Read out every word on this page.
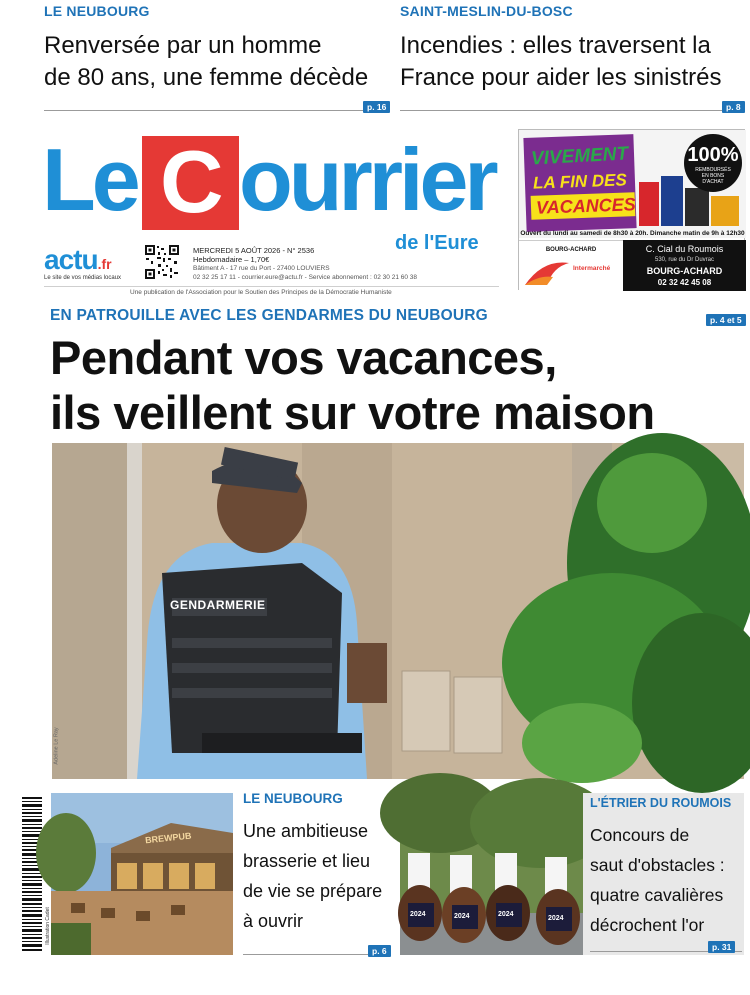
LE NEUBOURG
Renversée par un homme
de 80 ans, une femme décède
p. 16
SAINT-MESLIN-DU-BOSC
Incendies : elles traversent la
France pour aider les sinistrés
p. 8
Le C ourrier
de l'Eure
actu.fr
Le site de vos médias locaux
MERCREDI 5 AOÛT 2026 - N° 2536
Hebdomadaire – 1,70€
Bâtiment A - 17 rue du Port - 27400 LOUVIERS
02 32 25 17 11 - courrier.eure@actu.fr - Service abonnement : 02 30 21 60 38
Une publication de l'Association pour le Soutien des Principes de la Démocratie Humaniste
VIVEMENT
LA FIN DES
VACANCES
100%
REMBOURSÉS EN BONS D'ACHAT
Ouvert du lundi au samedi de 8h30 à 20h. Dimanche matin de 9h à 12h30
BOURG-ACHARD
Intermarché
C. Cial du Roumois
530, rue du Dr Duvrac
BOURG-ACHARD
02 32 42 45 08
EN PATROUILLE AVEC LES GENDARMES DU NEUBOURG	p. 4 et 5
Pendant vos vacances,
ils veillent sur votre maison
GENDARMERIE
Adeline Le Ray
BREWPUB
Illustration Cadet
LE NEUBOURG
Une ambitieuse
brasserie et lieu
de vie se prépare
à ouvrir
p. 6
2024	2024	2024
2024
L'ÉTRIER DU ROUMOIS
Concours de
saut d'obstacles :
quatre cavalières
décrochent l'or
p. 31
